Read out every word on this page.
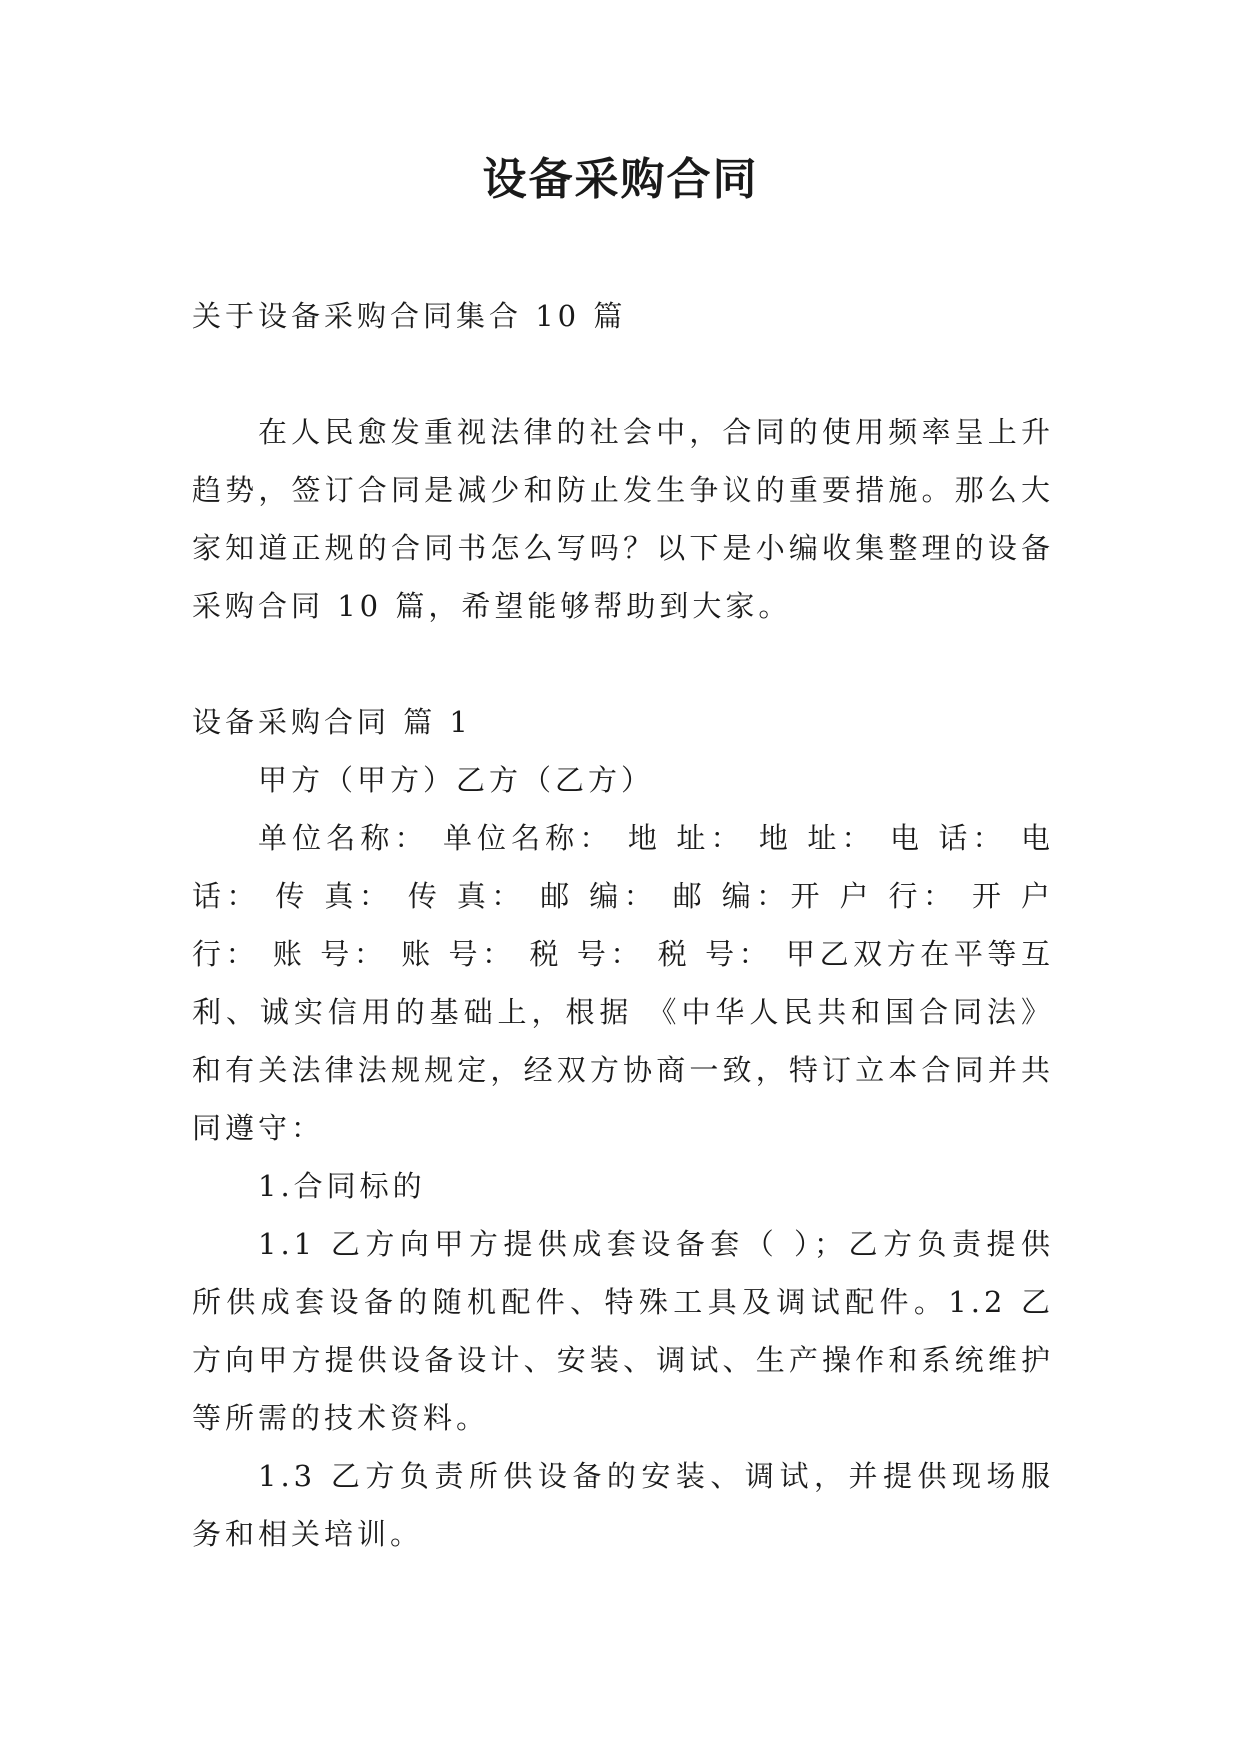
设备采购合同
关于设备采购合同集合 10 篇
在人民愈发重视法律的社会中，合同的使用频率呈上升趋势，签订合同是减少和防止发生争议的重要措施。那么大家知道正规的合同书怎么写吗？以下是小编收集整理的设备采购合同 10 篇，希望能够帮助到大家。
设备采购合同 篇 1
甲方（甲方）乙方（乙方）
单位名称： 单位名称： 地 址： 地 址： 电 话： 电 话： 传 真： 传 真： 邮 编： 邮 编：开 户 行： 开 户 行： 账 号： 账 号： 税 号： 税 号： 甲乙双方在平等互利、诚实信用的基础上，根据 《中华人民共和国合同法》和有关法律法规规定，经双方协商一致，特订立本合同并共同遵守：
1.合同标的
1.1 乙方向甲方提供成套设备套（ ）；乙方负责提供所供成套设备的随机配件、特殊工具及调试配件。1.2 乙方向甲方提供设备设计、安装、调试、生产操作和系统维护等所需的技术资料。
1.3 乙方负责所供设备的安装、调试，并提供现场服务和相关培训。
